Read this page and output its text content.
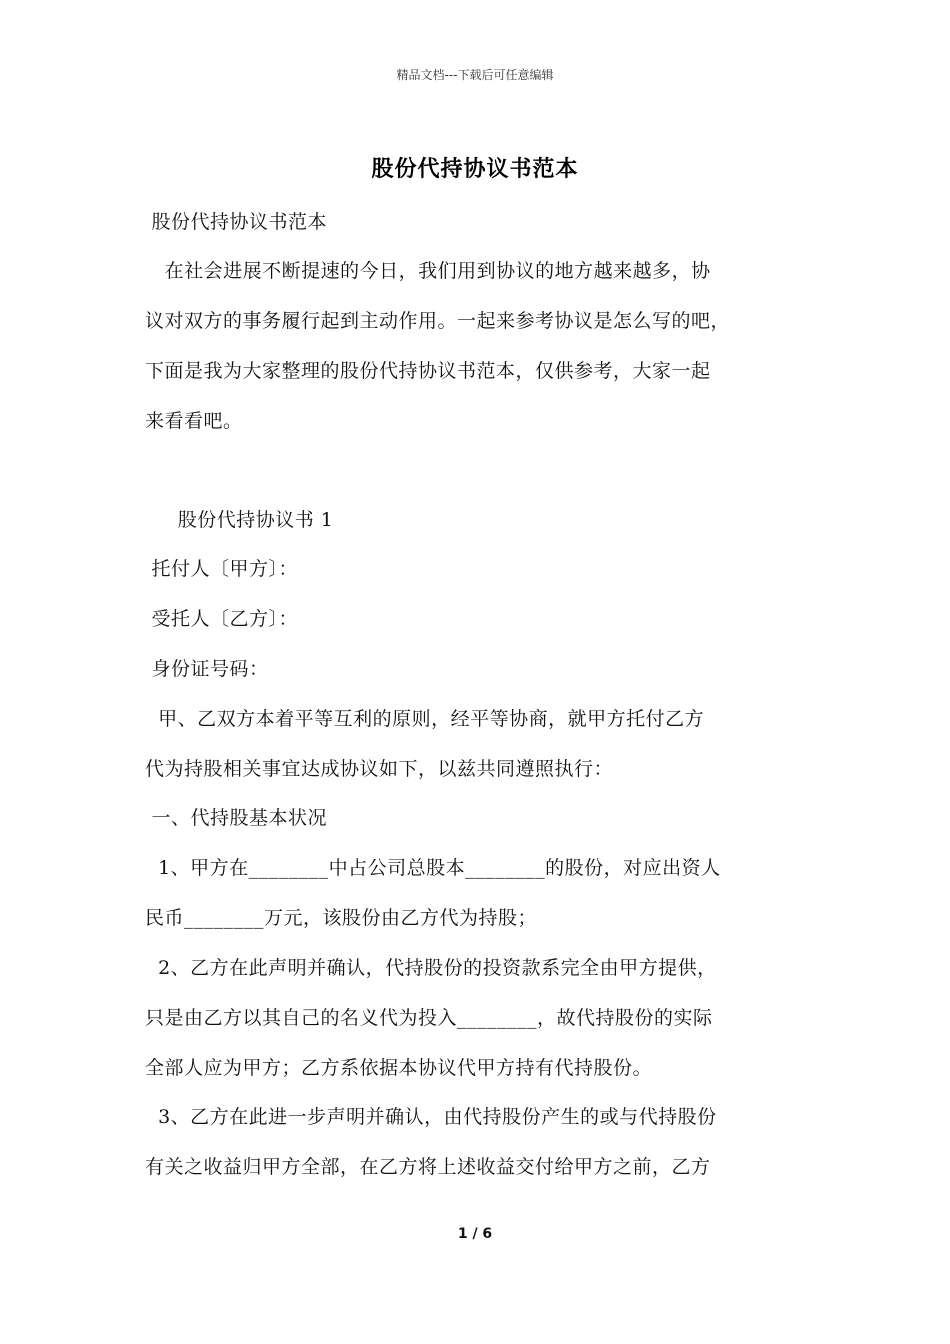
精品文档---下载后可任意编辑
股份代持协议书范本
股份代持协议书范本
在社会进展不断提速的今日，我们用到协议的地方越来越多，协
议对双方的事务履行起到主动作用。一起来参考协议是怎么写的吧，
下面是我为大家整理的股份代持协议书范本，仅供参考，大家一起
来看看吧。
股份代持协议书 1
托付人〔甲方〕：
受托人〔乙方〕：
身份证号码：
甲、乙双方本着平等互利的原则，经平等协商，就甲方托付乙方
代为持股相关事宜达成协议如下，以兹共同遵照执行：
一、代持股基本状况
1、甲方在________中占公司总股本________的股份，对应出资人
民币________万元，该股份由乙方代为持股；
2、乙方在此声明并确认，代持股份的投资款系完全由甲方提供，
只是由乙方以其自己的名义代为投入________，故代持股份的实际
全部人应为甲方；乙方系依据本协议代甲方持有代持股份。
3、乙方在此进一步声明并确认，由代持股份产生的或与代持股份
有关之收益归甲方全部，在乙方将上述收益交付给甲方之前，乙方
1 / 6
